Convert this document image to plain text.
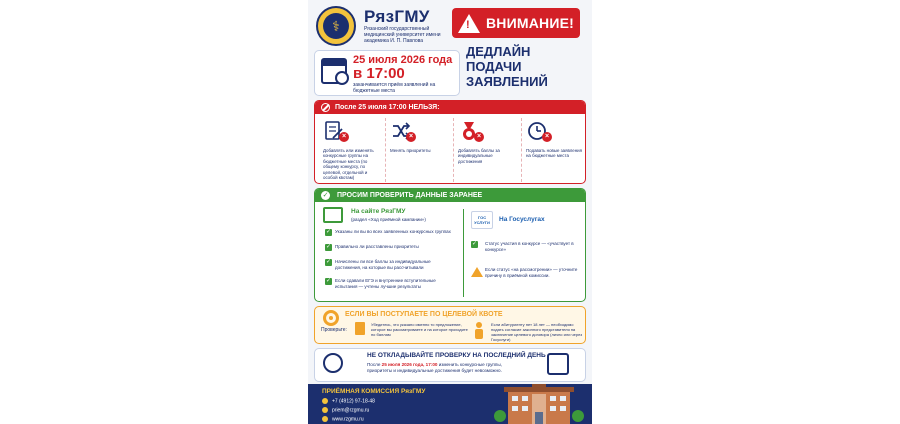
⚕	РязГМУ
Рязанский государственный медицинский университет имени академика И. П. Павлова
! ВНИМАНИЕ!
ДЕДЛАЙН ПОДАЧИ ЗАЯВЛЕНИЙ
25 июля 2026 года
в 17:00
заканчивается приём заявлений на бюджетные места
После 25 июля 17:00 НЕЛЬЗЯ:
×
Добавлять или изменять конкурсные группы на бюджетные места (по общему конкурсу, по целевой, отдельной и особой квотам)
×
Менять приоритеты
×
Добавлять баллы за индивидуальные достижения
×
Подавать новые заявления на бюджетные места
✓ ПРОСИМ ПРОВЕРИТЬ ДАННЫЕ ЗАРАНЕЕ
На сайте РязГМУ
(раздел «Ход приёмной кампании»)
✓ Указаны ли вы во всех заявленных конкурсных группах
✓ Правильно ли расставлены приоритеты
✓ Начислены ли все баллы за индивидуальные достижения, на которые вы рассчитывали
✓ Если сдавали ЕГЭ и внутренние вступительные испытания — учтены лучшие результаты
ГОС УСЛУГИ	На Госуслугах
✓ Статус участия в конкурсе — «участвует в конкурсе»
Если статус «на рассмотрении» — уточните причину в приёмной комиссии.
ЕСЛИ ВЫ ПОСТУПАЕТЕ ПО ЦЕЛЕВОЙ КВОТЕ
Проверьте:
Убедитесь, что указано именно то предложение, которое вы рассматриваете и на которое проходите по баллам
Если абитуриенту нет 18 лет — необходимо подать согласие законного представителя на заключение целевого договора (лично или через Госуслуги)
НЕ ОТКЛАДЫВАЙТЕ ПРОВЕРКУ НА ПОСЛЕДНИЙ ДЕНЬ
После 25 июля 2026 года, 17:00 изменить конкурсные группы, приоритеты и индивидуальные достижения будет невозможно.
ПРИЁМНАЯ КОМИССИЯ РязГМУ
+7 (4912) 97-18-48
priem@rzgmu.ru
www.rzgmu.ru
